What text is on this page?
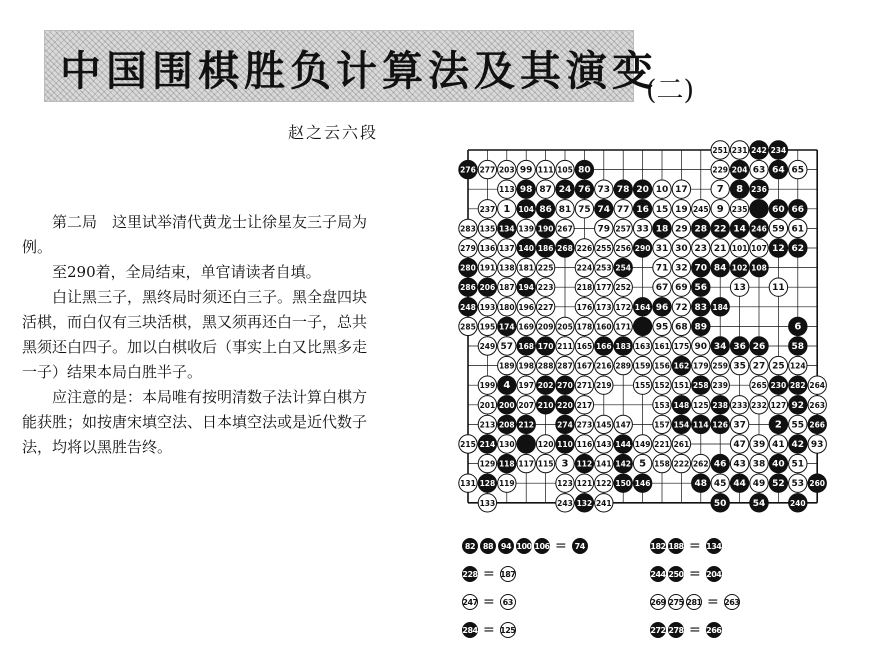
中国围棋胜负计算法及其演变
(二)
赵之云六段

第二局　这里试举清代黄龙士让徐星友三子局为例。

至290着，全局结束，单官请读者自填。

白让黑三子，黑终局时须还白三子。黑全盘四块活棋，而白仅有三块活棋，黑又须再还白一子，总共黑须还白四子。加以白棋收后（事实上白又比黑多走一子）结果本局白胜半子。

应注意的是：本局唯有按明清数子法计算白棋方能获胜；如按唐宋填空法、日本填空法或是近代数子法，均将以黑胜告终。

251 231 242 234
276 277 203 99 111 105 80	229 204 63 64 65
113 98 87 24 76 73 78 20 10 17	7 8 236
237 1 104 86 81 75 74 77 16 15 19 245 9 235	60 66
283 135 134 139 190 267	79 257 33 18 29 28 22 14 246 59 61
279 136 137 140 186 268 226 255 256 290 31 30 23 21 101 107 12 62
280 191 138 181 225	224 253 254	71 32 70 84 102 108
286 206 187 194 223	218 177 252	67 69 56	13	11
248 193 180 196 227	176 173 172 164 96 72 83 184
285 195 174 169 209 205 178 160 171	95 68 89	6
249 57 168 170 211 165 166 183 163 161 175 90 34 36 26	58
189 198 288 287 167 216 289 159 156 162 179 259 35 27 25 124
199 4 197 202 270 271 219	155 152 151 258 239	265 230 282 264
201 200 207 210 220 217	153 148 125 238 233 232 127 92 263
213 208 212	274 273 145 147	157 154 114 126 37	2 55 266
215 214 130	120 110 116 143 144 149 221 261	47 39 41 42 93
129 118 117 115 3 112 141 142 5 158 222 262 46 43 38 40 51
131 128 119	123 121 122 150 146	48 45 44 49 52 53 260
133	243 132 241	50	54	240
82 88 94 100 106 = 74	182 188 = 134
228 = 187	244 250 = 204
247 = 63	269 275 281 = 263
284 = 125	272 278 = 266
